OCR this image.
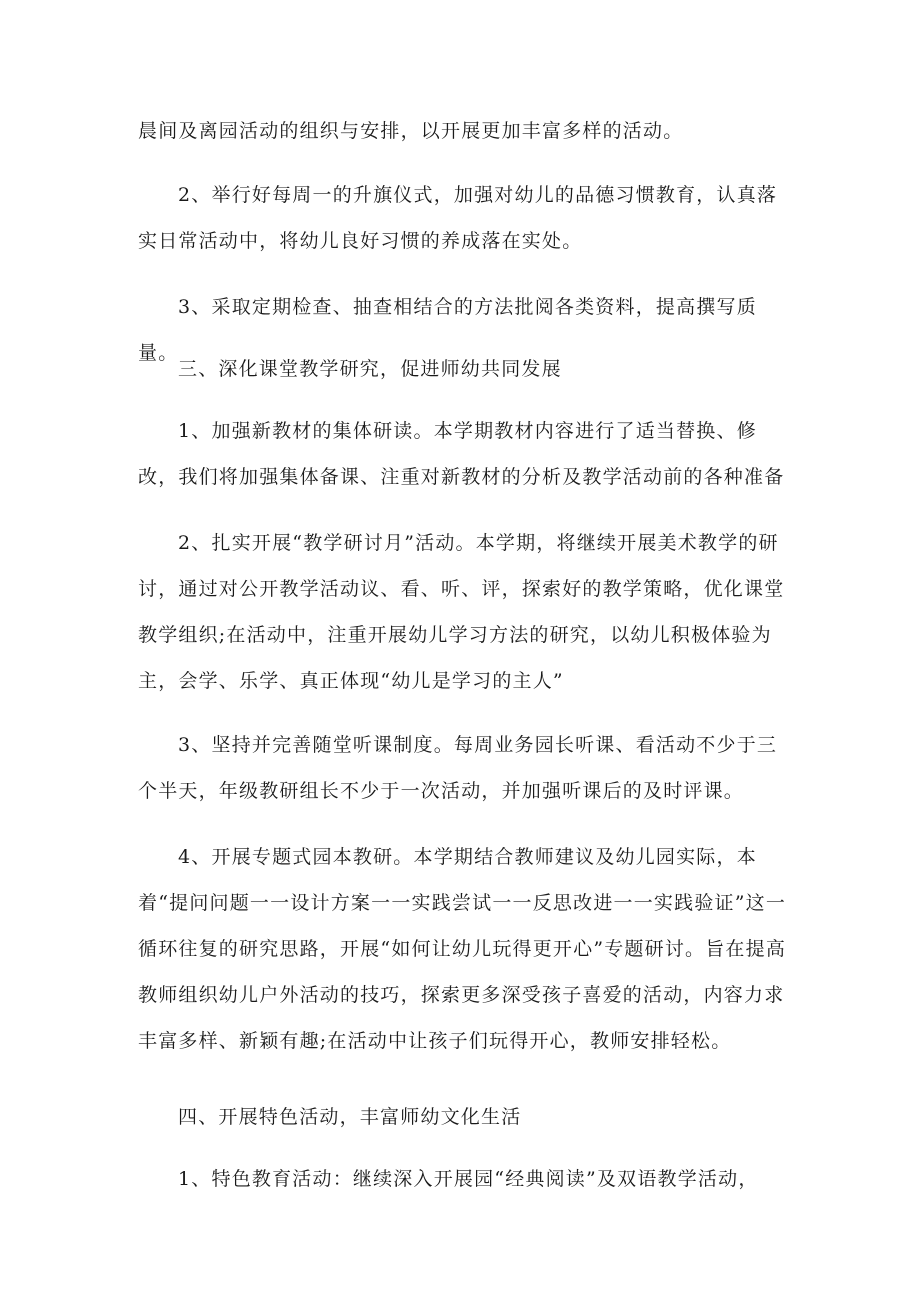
晨间及离园活动的组织与安排，以开展更加丰富多样的活动。

2、举行好每周一的升旗仪式，加强对幼儿的品德习惯教育，认真落实日常活动中，将幼儿良好习惯的养成落在实处。

3、采取定期检查、抽查相结合的方法批阅各类资料，提高撰写质量。

三、深化课堂教学研究，促进师幼共同发展

1、加强新教材的集体研读。本学期教材内容进行了适当替换、修改，我们将加强集体备课、注重对新教材的分析及教学活动前的各种准备

2、扎实开展“教学研讨月”活动。本学期，将继续开展美术教学的研讨，通过对公开教学活动议、看、听、评，探索好的教学策略，优化课堂教学组织;在活动中，注重开展幼儿学习方法的研究，以幼儿积极体验为主，会学、乐学、真正体现“幼儿是学习的主人”

3、坚持并完善随堂听课制度。每周业务园长听课、看活动不少于三个半天，年级教研组长不少于一次活动，并加强听课后的及时评课。

4、开展专题式园本教研。本学期结合教师建议及幼儿园实际，本着“提问问题一一设计方案一一实践尝试一一反思改进一一实践验证”这一循环往复的研究思路，开展“如何让幼儿玩得更开心”专题研讨。旨在提高教师组织幼儿户外活动的技巧，探索更多深受孩子喜爱的活动，内容力求丰富多样、新颖有趣;在活动中让孩子们玩得开心，教师安排轻松。

四、开展特色活动，丰富师幼文化生活

1、特色教育活动：继续深入开展园“经典阅读”及双语教学活动，
